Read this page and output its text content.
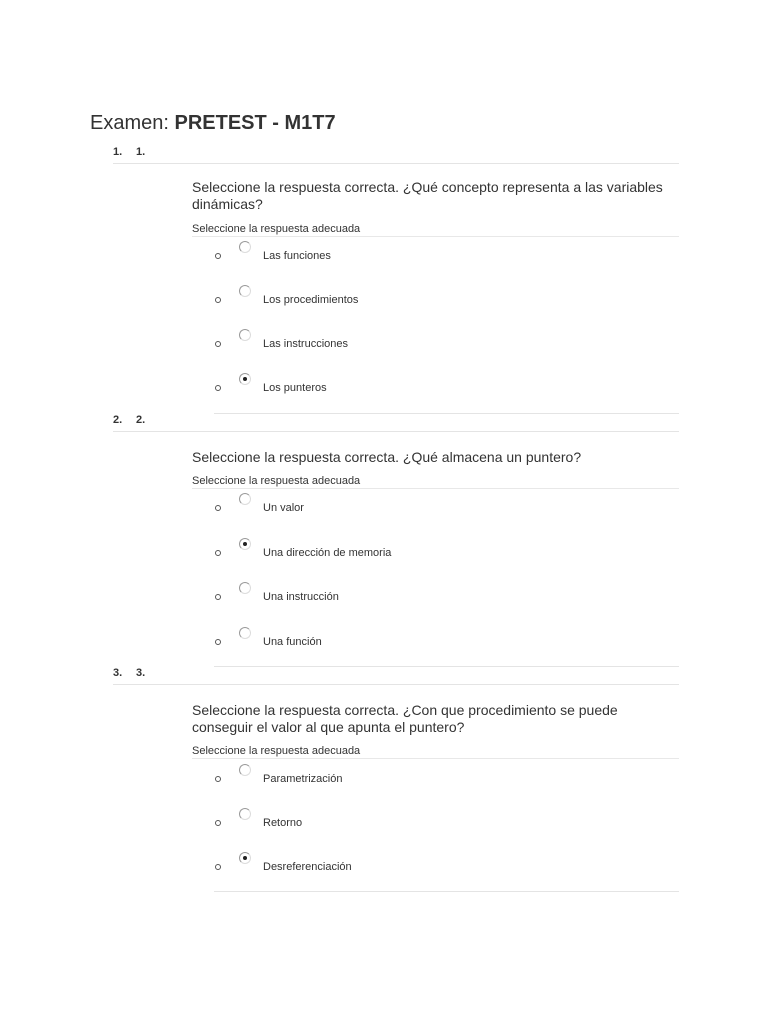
Examen: PRETEST - M1T7
1. 1.
Seleccione la respuesta correcta. ¿Qué concepto representa a las variables dinámicas?
Seleccione la respuesta adecuada
Las funciones
Los procedimientos
Las instrucciones
Los punteros
2. 2.
Seleccione la respuesta correcta. ¿Qué almacena un puntero?
Seleccione la respuesta adecuada
Un valor
Una dirección de memoria
Una instrucción
Una función
3. 3.
Seleccione la respuesta correcta. ¿Con que procedimiento se puede conseguir el valor al que apunta el puntero?
Seleccione la respuesta adecuada
Parametrización
Retorno
Desreferenciación
